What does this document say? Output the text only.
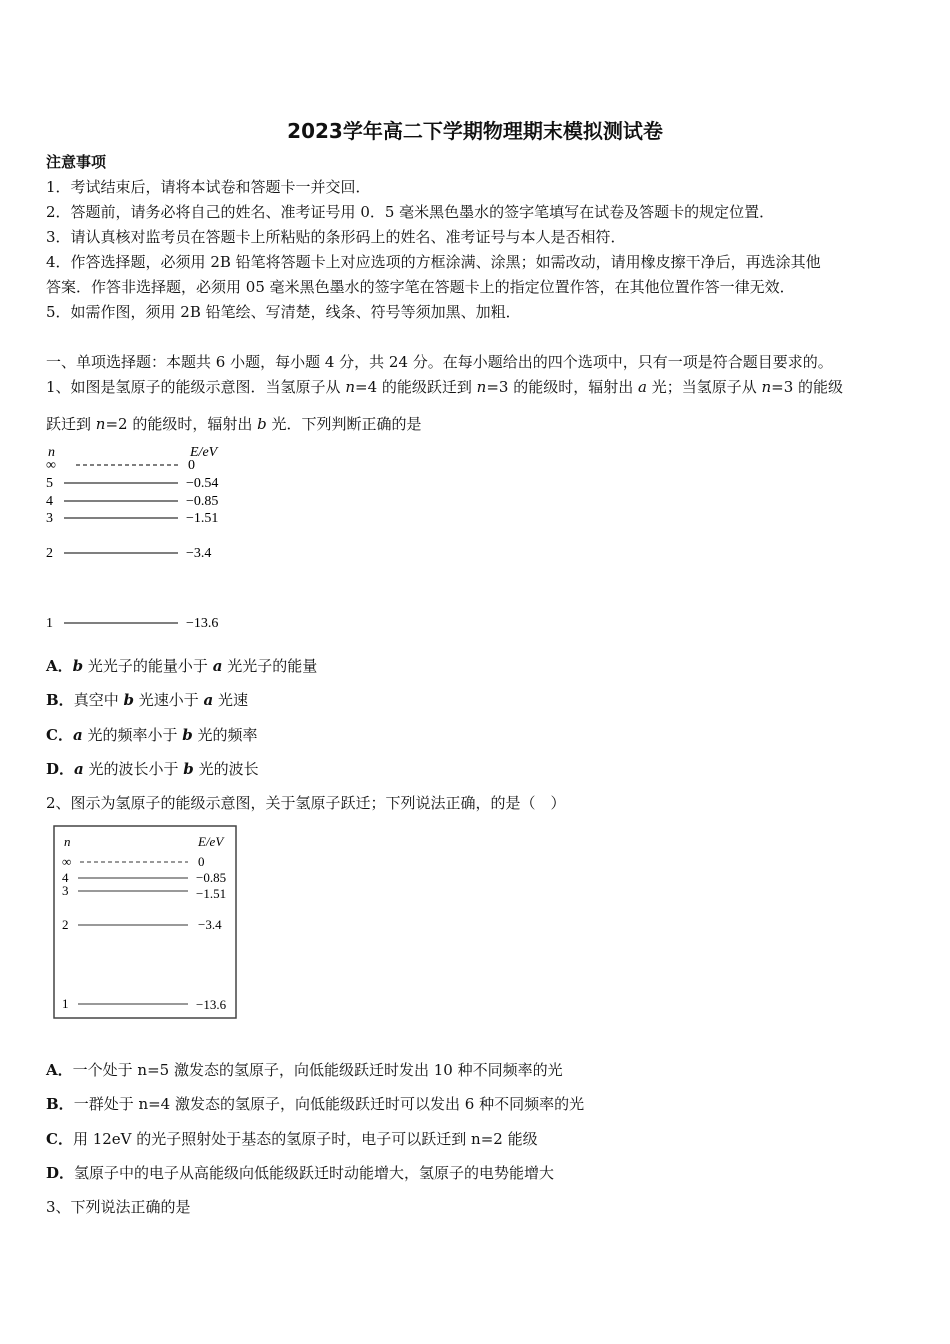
2023学年高二下学期物理期末模拟测试卷
注意事项
1．考试结束后，请将本试卷和答题卡一并交回．
2．答题前，请务必将自己的姓名、准考证号用 0．5 毫米黑色墨水的签字笔填写在试卷及答题卡的规定位置．
3．请认真核对监考员在答题卡上所粘贴的条形码上的姓名、准考证号与本人是否相符．
4．作答选择题，必须用 2B 铅笔将答题卡上对应选项的方框涂满、涂黑；如需改动，请用橡皮擦干净后，再选涂其他
答案．作答非选择题，必须用 05 毫米黑色墨水的签字笔在答题卡上的指定位置作答，在其他位置作答一律无效．
5．如需作图，须用 2B 铅笔绘、写清楚，线条、符号等须加黑、加粗．
一、单项选择题：本题共 6 小题，每小题 4 分，共 24 分。在每小题给出的四个选项中，只有一项是符合题目要求的。
1、如图是氢原子的能级示意图．当氢原子从 n=4 的能级跃迁到 n=3 的能级时，辐射出 a 光；当氢原子从 n=3 的能级
跃迁到 n=2 的能级时，辐射出 b 光．下列判断正确的是
n	E/eV
∞	0
5	−0.54
4	−0.85
3	−1.51
2	−3.4
1	−13.6
A．b 光光子的能量小于 a 光光子的能量
B．真空中 b 光速小于 a 光速
C．a 光的频率小于 b 光的频率
D．a 光的波长小于 b 光的波长
2、图示为氢原子的能级示意图，关于氢原子跃迁；下列说法正确，的是（　）
n	E/eV
∞	0
4	−0.85
3	−1.51
2	−3.4
1	−13.6
A．一个处于 n=5 激发态的氢原子，向低能级跃迁时发出 10 种不同频率的光
B．一群处于 n=4 激发态的氢原子，向低能级跃迁时可以发出 6 种不同频率的光
C．用 12eV 的光子照射处于基态的氢原子时，电子可以跃迁到 n=2 能级
D．氢原子中的电子从高能级向低能级跃迁时动能增大，氢原子的电势能增大
3、下列说法正确的是
